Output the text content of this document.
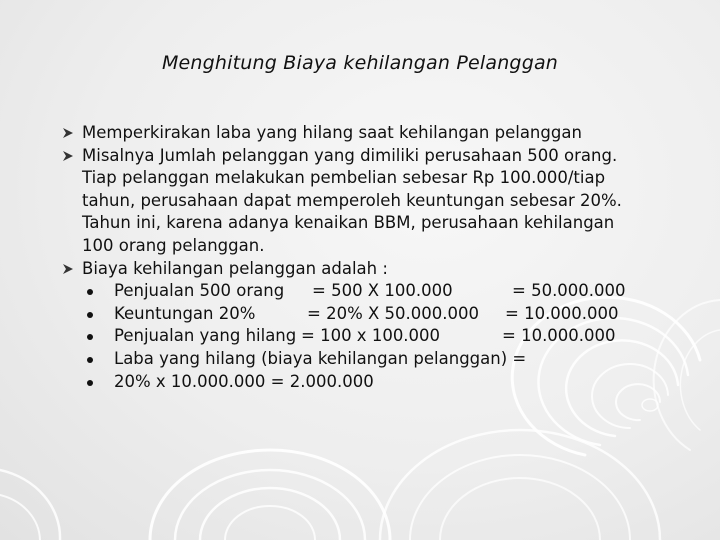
Menghitung Biaya kehilangan Pelanggan
Memperkirakan laba yang hilang saat kehilangan pelanggan
Misalnya Jumlah pelanggan yang dimiliki perusahaan 500 orang.
Tiap pelanggan melakukan pembelian sebesar Rp 100.000/tiap
tahun, perusahaan dapat memperoleh keuntungan sebesar 20%.
Tahun ini, karena adanya kenaikan BBM, perusahaan kehilangan
100 orang pelanggan.
Biaya kehilangan pelanggan adalah :
Penjualan 500 orang = 500 X 100.000	= 50.000.000
Keuntungan 20%	= 20% X 50.000.000 = 10.000.000
Penjualan yang hilang = 100 x 100.000	= 10.000.000
Laba yang hilang (biaya kehilangan pelanggan) =
20% x 10.000.000 = 2.000.000
